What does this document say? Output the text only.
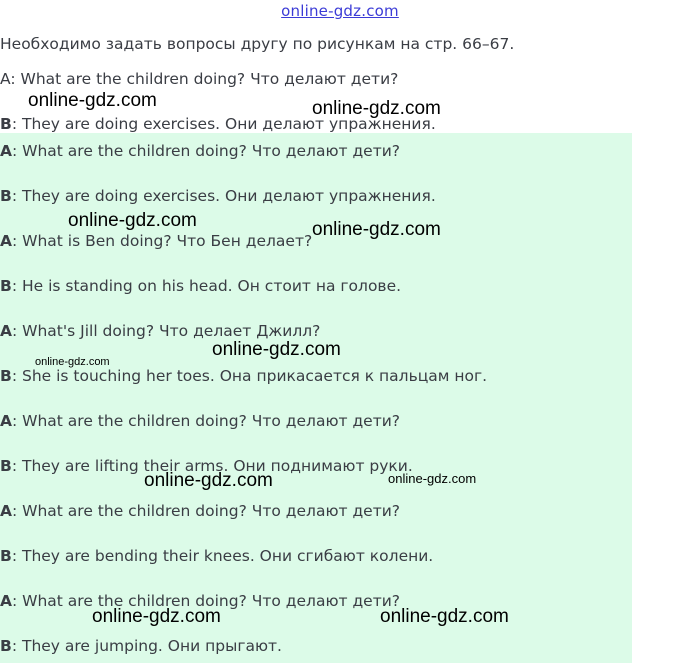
online-gdz.com
Необходимо задать вопросы другу по рисункам на стр. 66–67.
A: What are the children doing? Что делают дети?
B: They are doing exercises. Они делают упражнения.
A: What are the children doing? Что делают дети?
B: They are doing exercises. Они делают упражнения.
A: What is Ben doing? Что Бен делает?
B: He is standing on his head. Он стоит на голове.
A: What's Jill doing? Что делает Джилл?
B: She is touching her toes. Она прикасается к пальцам ног.
A: What are the children doing? Что делают дети?
B: They are lifting their arms. Они поднимают руки.
A: What are the children doing? Что делают дети?
B: They are bending their knees. Они сгибают колени.
A: What are the children doing? Что делают дети?
B: They are jumping. Они прыгают.
online-gdz.com	online-gdz.com
online-gdz.com	online-gdz.com
online-gdz.com
online-gdz.com
online-gdz.com	online-gdz.com
online-gdz.com	online-gdz.com
